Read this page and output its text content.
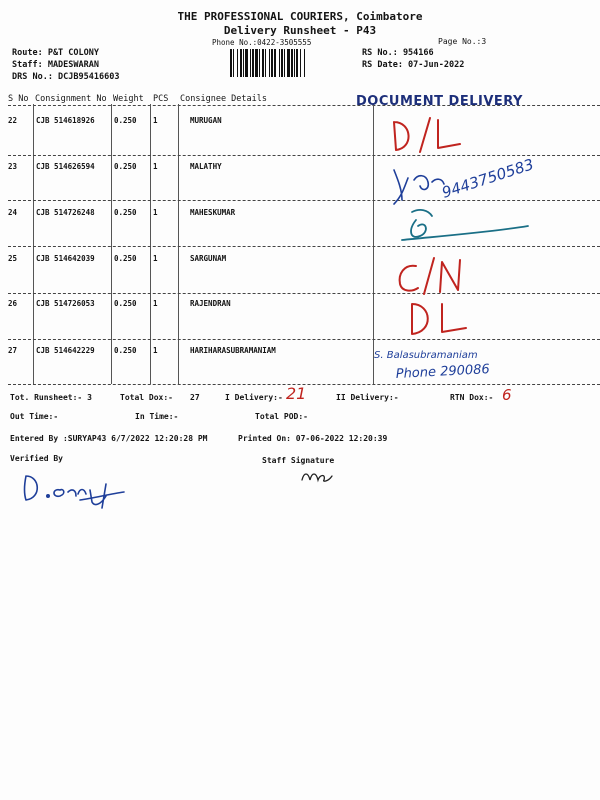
THE PROFESSIONAL COURIERS, Coimbatore
Delivery Runsheet - P43
Phone No.:0422-3505555	Page No.:3
Route: P&T COLONY
Staff: MADESWARAN
DRS No.: DCJB95416603
RS No.: 954166
RS Date: 07-Jun-2022
S No Consignment No Weight PCS Consignee Details	DOCUMENT DELIVERY
22	CJB 514618926	0.250 1	MURUGAN
23	CJB 514626594	0.250 1	MALATHY
24	CJB 514726248	0.250 1	MAHESKUMAR
25	CJB 514642039	0.250 1	SARGUNAM
26	CJB 514726053	0.250 1	RAJENDRAN
27	CJB 514642229	0.250 1	HARIHARASUBRAMANIAM
9443750583
S. Balasubramaniam
Phone 290086
Tot. Runsheet:- 3	Total Dox:- 27	I Delivery:- 21	II Delivery:-	RTN Dox:- 6
Out Time:-	In Time:-	Total POD:-
Entered By :SURYAP43 6/7/2022 12:20:28 PM	Printed On: 07-06-2022 12:20:39
Verified By	Staff Signature
